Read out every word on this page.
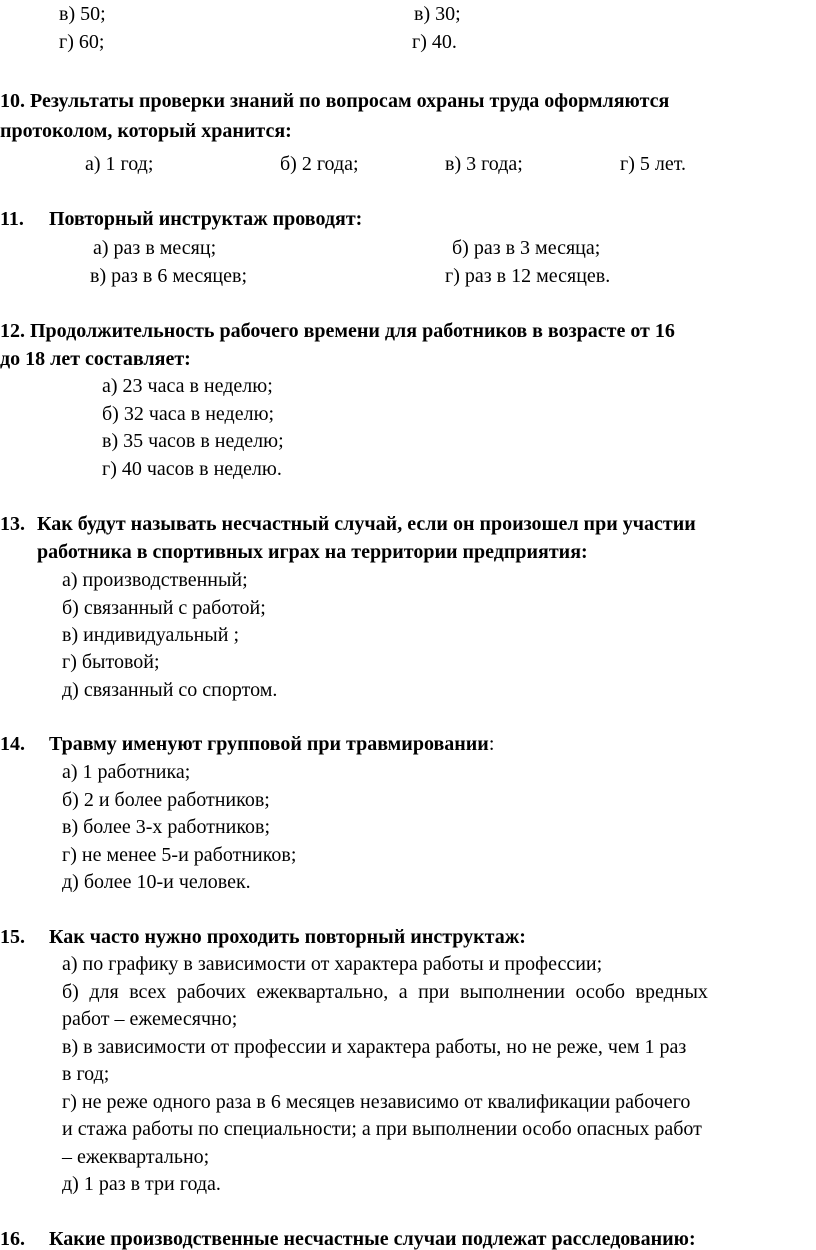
в) 50;	в) 30;
г) 60;	г) 40.
10. Результаты проверки знаний по вопросам охраны труда оформляются
протоколом, который хранится:
а) 1 год;	б) 2 года;	в) 3 года;	г) 5 лет.
11. Повторный инструктаж проводят:
а) раз в месяц;	б) раз в 3 месяца;
в) раз в 6 месяцев;	г) раз в 12 месяцев.
12. Продолжительность рабочего времени для работников в возрасте от 16
до 18 лет составляет:
а) 23 часа в неделю;
б) 32 часа в неделю;
в) 35 часов в неделю;
г) 40 часов в неделю.
13. Как будут называть несчастный случай, если он произошел при участии
работника в спортивных играх на территории предприятия:
а) производственный;
б) связанный с работой;
в) индивидуальный ;
г) бытовой;
д) связанный со спортом.
14. Травму именуют групповой при травмировании:
а) 1 работника;
б) 2 и более работников;
в) более 3-х работников;
г) не менее 5-и работников;
д) более 10-и человек.
15. Как часто нужно проходить повторный инструктаж:
а) по графику в зависимости от характера работы и профессии;
б) для всех рабочих ежеквартально, а при выполнении особо вредных
работ – ежемесячно;
в) в зависимости от профессии и характера работы, но не реже, чем 1 раз
в год;
г) не реже одного раза в 6 месяцев независимо от квалификации рабочего
и стажа работы по специальности; а при выполнении особо опасных работ
– ежеквартально;
д) 1 раз в три года.
16. Какие производственные несчастные случаи подлежат расследованию:
